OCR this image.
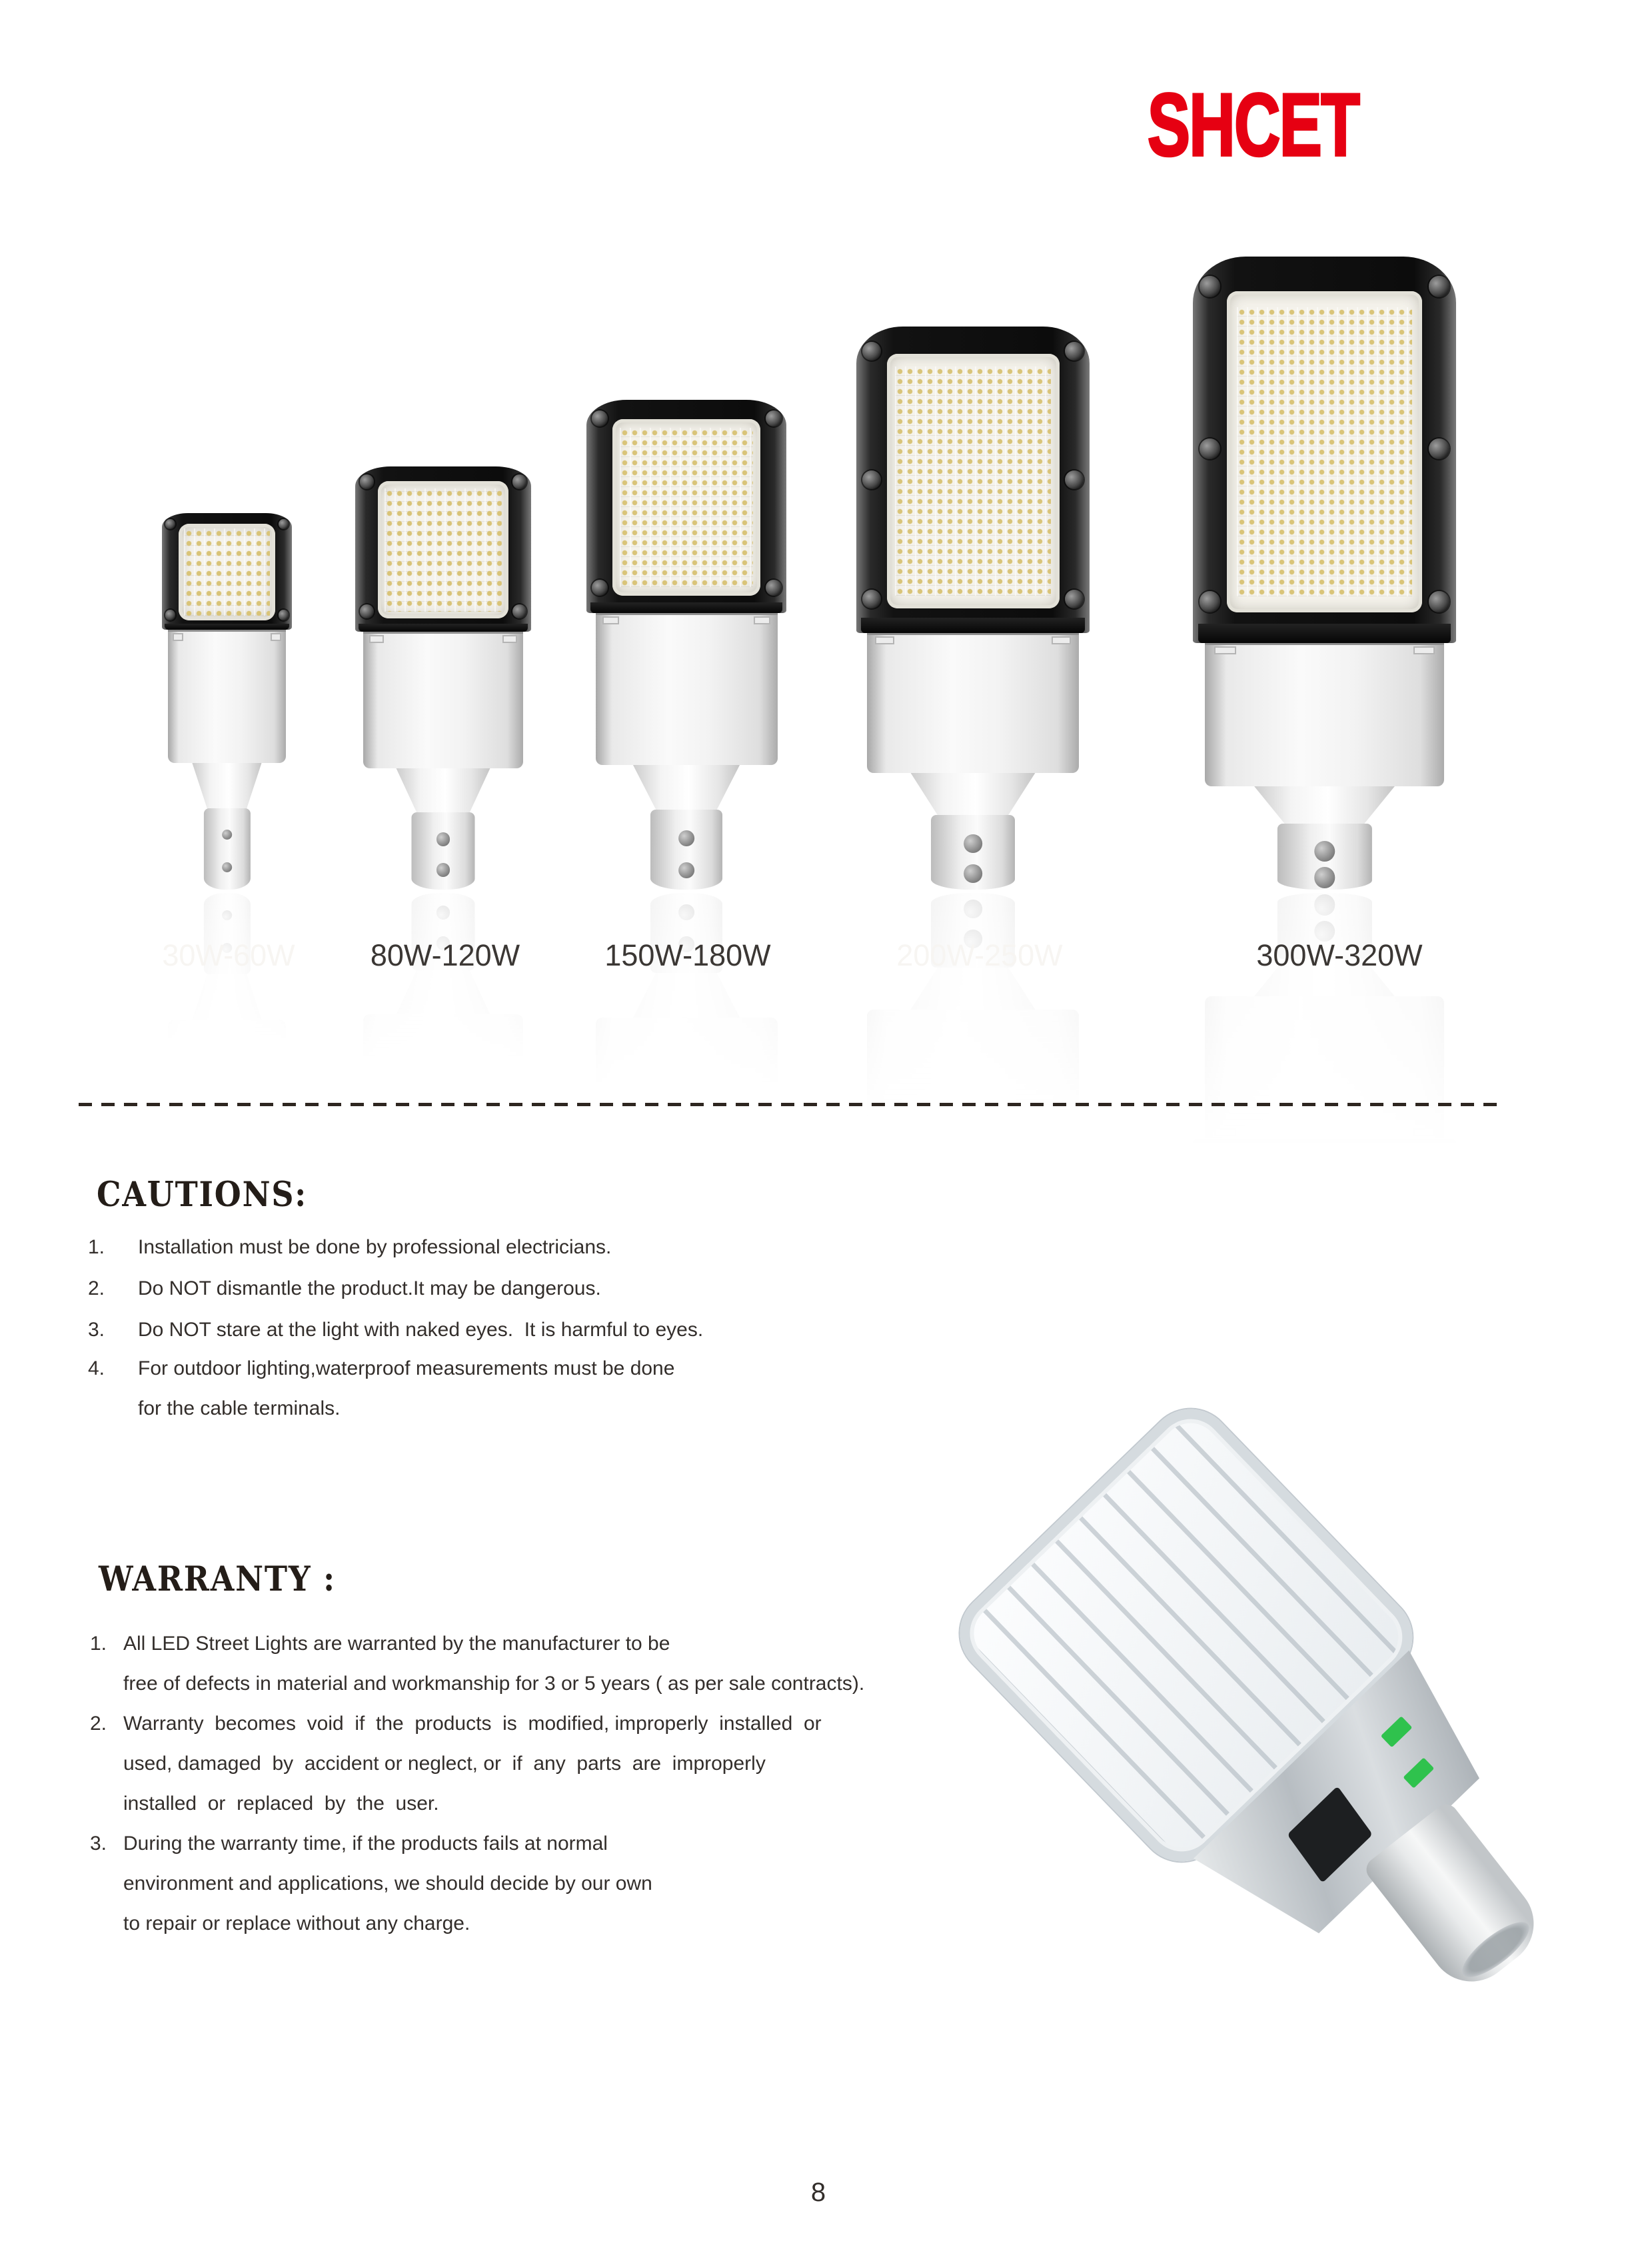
SHCET
30W-60W	80W-120W	150W-180W	200W-250W	300W-320W
CAUTIONS:
1. Installation must be done by professional electricians.
2. Do NOT dismantle the product.It may be dangerous.
3. Do NOT stare at the light with naked eyes.  It is harmful to eyes.
4. For outdoor lighting,waterproof measurements must be done
for the cable terminals.
WARRANTY :
1. All LED Street Lights are warranted by the manufacturer to be
free of defects in material and workmanship for 3 or 5 years ( as per sale contracts).
2. Warranty  becomes  void  if  the  products  is  modified, improperly  installed  or
used, damaged  by  accident or neglect, or  if  any  parts  are  improperly
installed  or  replaced  by  the  user.
3. During the warranty time, if the products fails at normal
environment and applications, we should decide by our own
to repair or replace without any charge.
8
